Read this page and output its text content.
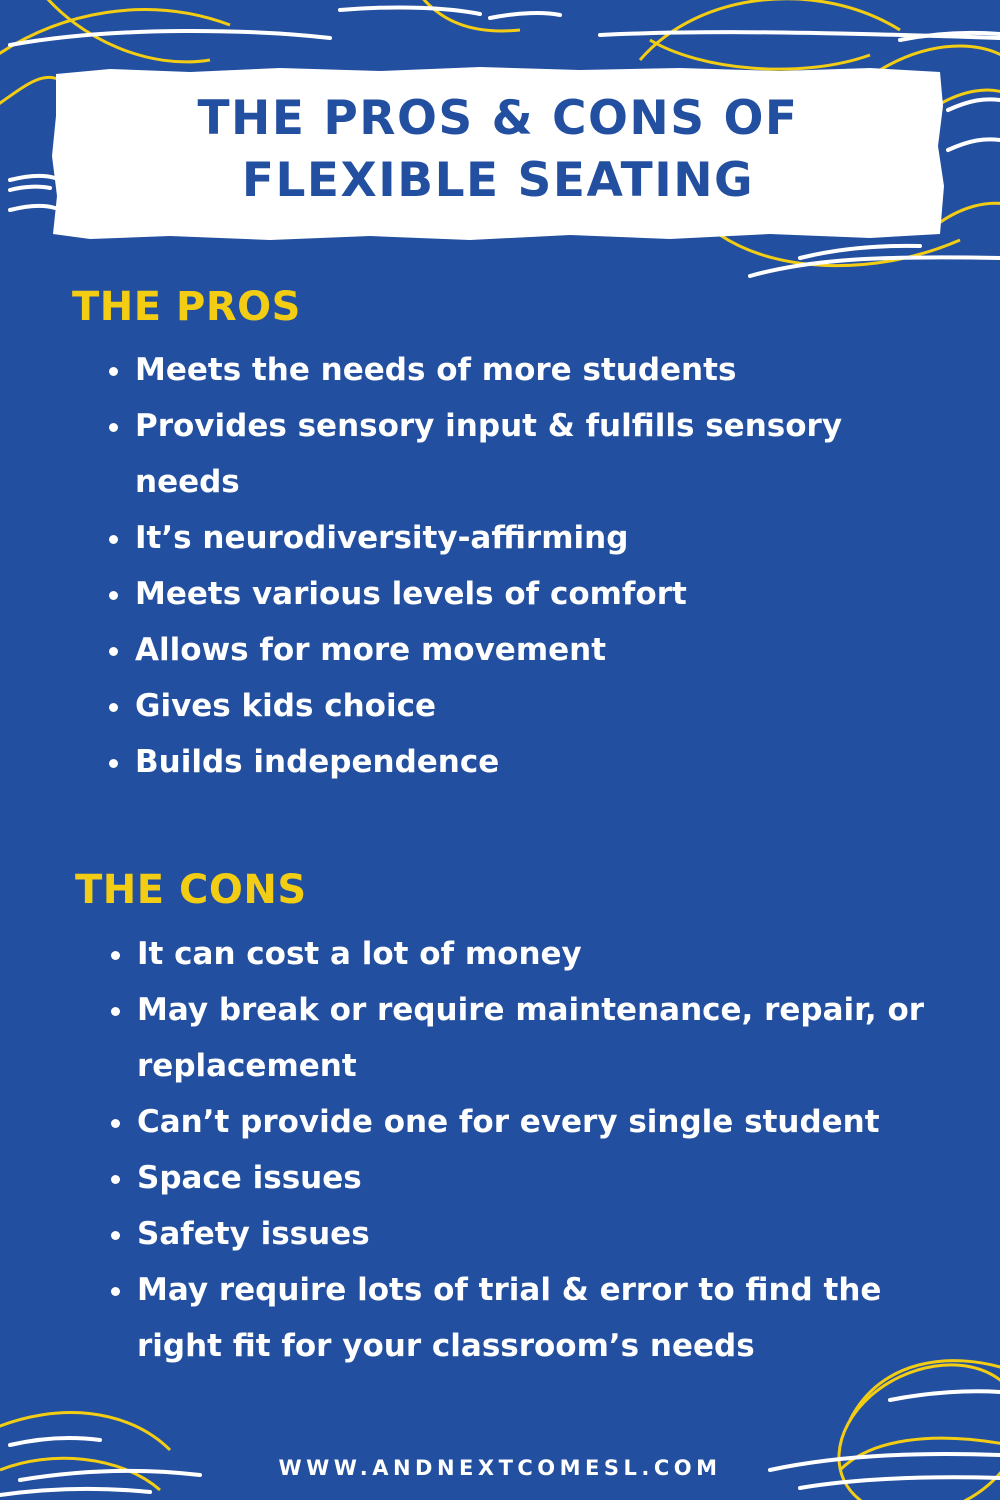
THE PROS & CONS OF
FLEXIBLE SEATING
THE PROS
Meets the needs of more students
Provides sensory input & fulfills sensory needs
It’s neurodiversity-affirming
Meets various levels of comfort
Allows for more movement
Gives kids choice
Builds independence
THE CONS
It can cost a lot of money
May break or require maintenance, repair, or replacement
Can’t provide one for every single student
Space issues
Safety issues
May require lots of trial & error to find the right fit for your classroom’s needs

WWW.ANDNEXTCOMESL.COM
